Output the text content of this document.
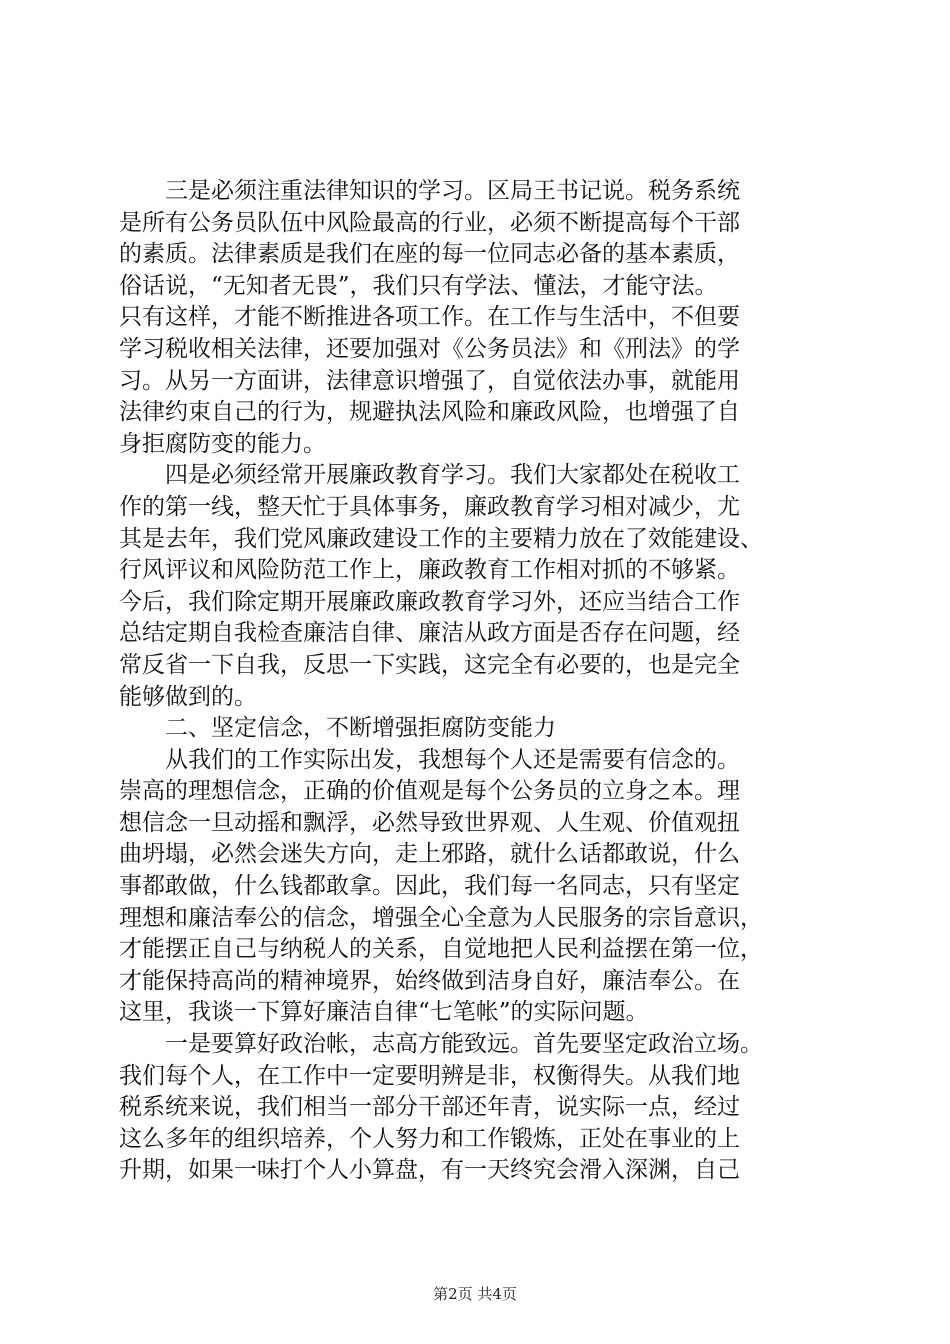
　　三是必须注重法律知识的学习。区局王书记说。税务系统
是所有公务员队伍中风险最高的行业，必须不断提高每个干部
的素质。法律素质是我们在座的每一位同志必备的基本素质，
俗话说，“无知者无畏”，我们只有学法、懂法，才能守法。
只有这样，才能不断推进各项工作。在工作与生活中，不但要
学习税收相关法律，还要加强对《公务员法》和《刑法》的学
习。从另一方面讲，法律意识增强了，自觉依法办事，就能用
法律约束自己的行为，规避执法风险和廉政风险，也增强了自
身拒腐防变的能力。
　　四是必须经常开展廉政教育学习。我们大家都处在税收工
作的第一线，整天忙于具体事务，廉政教育学习相对减少，尤
其是去年，我们党风廉政建设工作的主要精力放在了效能建设、
行风评议和风险防范工作上，廉政教育工作相对抓的不够紧。
今后，我们除定期开展廉政廉政教育学习外，还应当结合工作
总结定期自我检查廉洁自律、廉洁从政方面是否存在问题，经
常反省一下自我，反思一下实践，这完全有必要的，也是完全
能够做到的。
　　二、坚定信念，不断增强拒腐防变能力
　　从我们的工作实际出发，我想每个人还是需要有信念的。
崇高的理想信念，正确的价值观是每个公务员的立身之本。理
想信念一旦动摇和飘浮，必然导致世界观、人生观、价值观扭
曲坍塌，必然会迷失方向，走上邪路，就什么话都敢说，什么
事都敢做，什么钱都敢拿。因此，我们每一名同志，只有坚定
理想和廉洁奉公的信念，增强全心全意为人民服务的宗旨意识，
才能摆正自己与纳税人的关系，自觉地把人民利益摆在第一位，
才能保持高尚的精神境界，始终做到洁身自好，廉洁奉公。在
这里，我谈一下算好廉洁自律“七笔帐”的实际问题。
　　一是要算好政治帐，志高方能致远。首先要坚定政治立场。
我们每个人，在工作中一定要明辨是非，权衡得失。从我们地
税系统来说，我们相当一部分干部还年青，说实际一点，经过
这么多年的组织培养，个人努力和工作锻炼，正处在事业的上
升期，如果一味打个人小算盘，有一天终究会滑入深渊，自己
第2页 共4页
